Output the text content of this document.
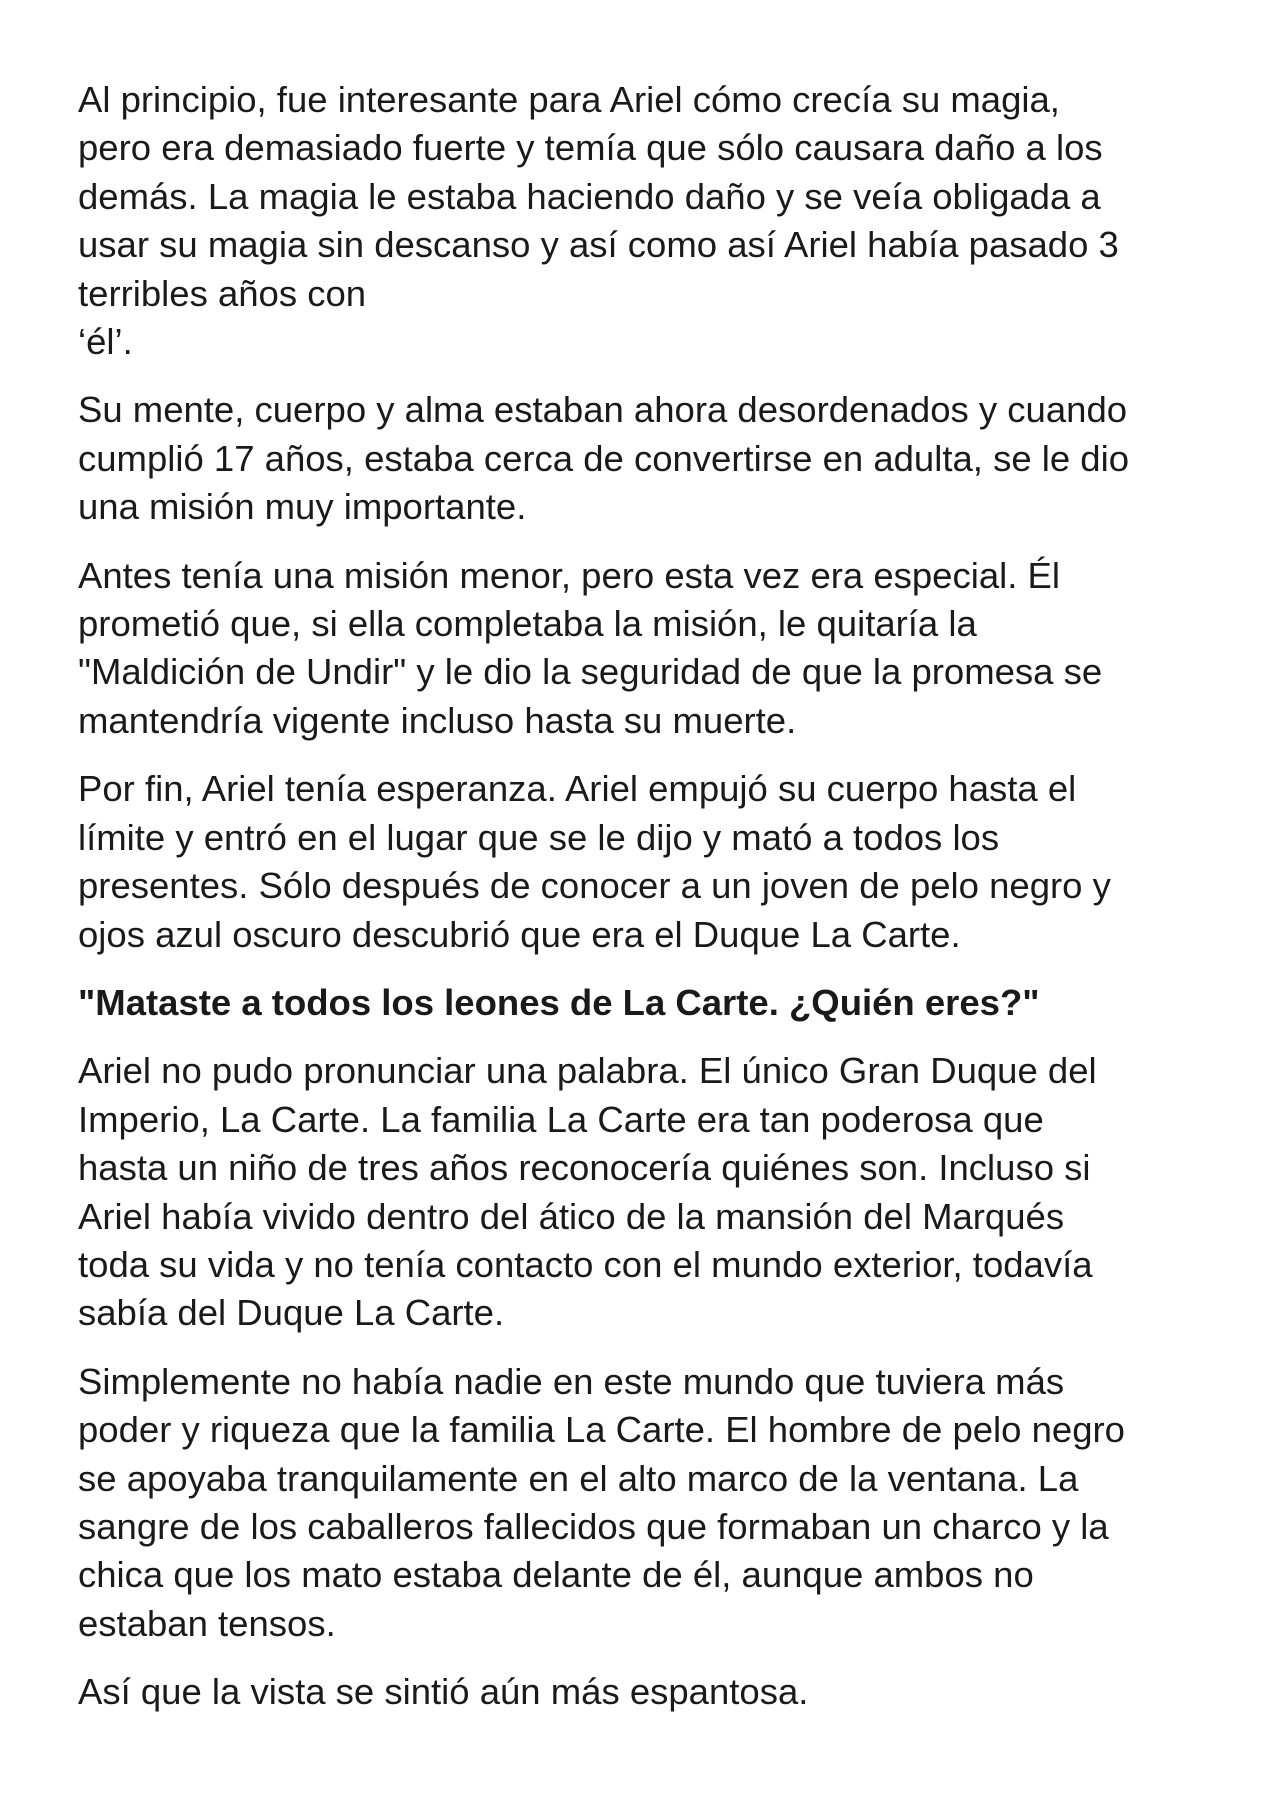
Al principio, fue interesante para Ariel cómo crecía su magia,
pero era demasiado fuerte y temía que sólo causara daño a los
demás. La magia le estaba haciendo daño y se veía obligada a
usar su magia sin descanso y así como así Ariel había pasado 3
terribles años con
‘él’.

Su mente, cuerpo y alma estaban ahora desordenados y cuando
cumplió 17 años, estaba cerca de convertirse en adulta, se le dio
una misión muy importante.

Antes tenía una misión menor, pero esta vez era especial. Él
prometió que, si ella completaba la misión, le quitaría la
"Maldición de Undir" y le dio la seguridad de que la promesa se
mantendría vigente incluso hasta su muerte.

Por fin, Ariel tenía esperanza. Ariel empujó su cuerpo hasta el
límite y entró en el lugar que se le dijo y mató a todos los
presentes. Sólo después de conocer a un joven de pelo negro y
ojos azul oscuro descubrió que era el Duque La Carte.

"Mataste a todos los leones de La Carte. ¿Quién eres?"

Ariel no pudo pronunciar una palabra. El único Gran Duque del
Imperio, La Carte. La familia La Carte era tan poderosa que
hasta un niño de tres años reconocería quiénes son. Incluso si
Ariel había vivido dentro del ático de la mansión del Marqués
toda su vida y no tenía contacto con el mundo exterior, todavía
sabía del Duque La Carte.

Simplemente no había nadie en este mundo que tuviera más
poder y riqueza que la familia La Carte. El hombre de pelo negro
se apoyaba tranquilamente en el alto marco de la ventana. La
sangre de los caballeros fallecidos que formaban un charco y la
chica que los mato estaba delante de él, aunque ambos no
estaban tensos.

Así que la vista se sintió aún más espantosa.
